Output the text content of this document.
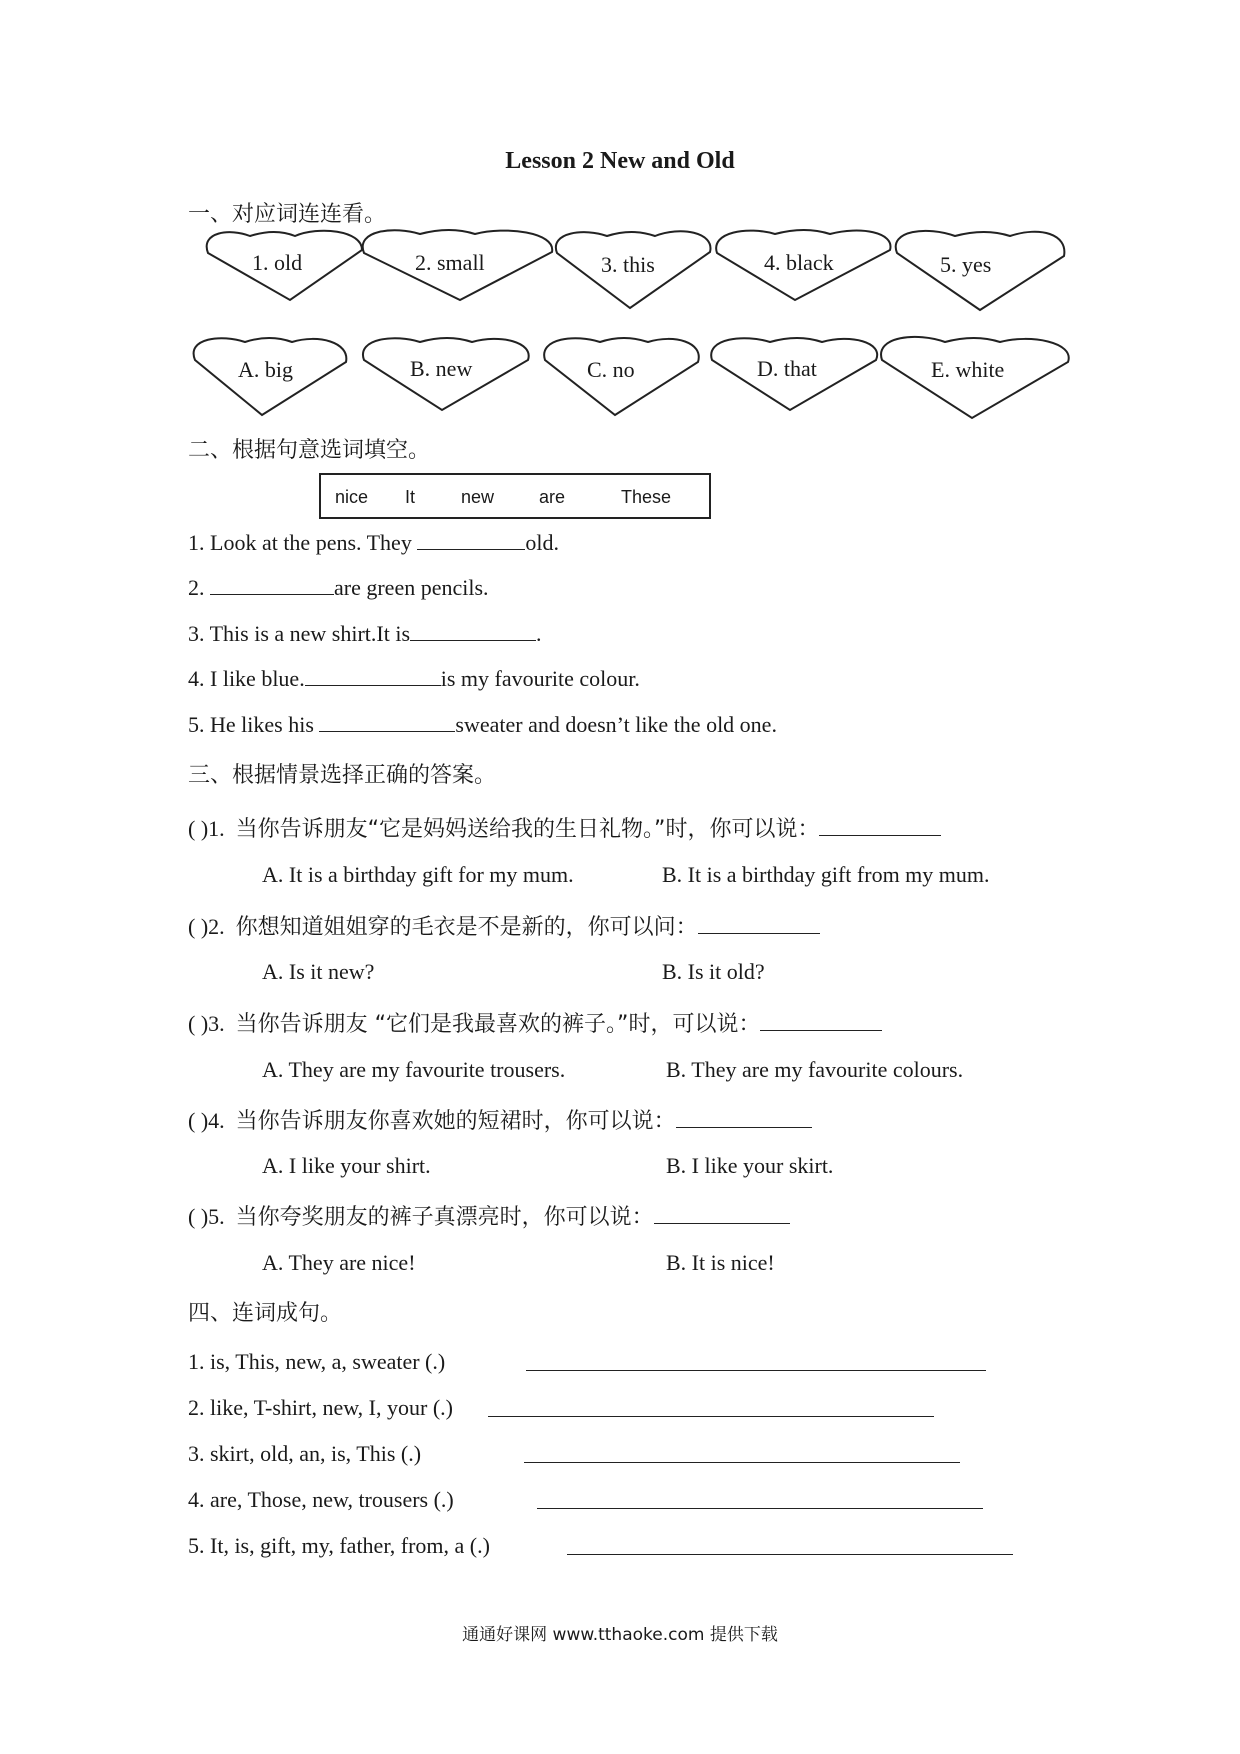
Lesson 2 New and Old
一、对应词连连看。
1. old	2. small	3. this	4. black	5. yes
A. big	B. new	C. no	D. that	E. white
二、根据句意选词填空。
nice It	new are	These
1. Look at the pens. They	old.
2.	are green pencils.
3. This is a new shirt.It is	.
4. I like blue.	is my favourite colour.
5. He likes his	sweater and doesn’t like the old one.
三、根据情景选择正确的答案。
( )1. 当你告诉朋友“它是妈妈送给我的生日礼物。”时，你可以说：
A. It is a birthday gift for my mum.	B. It is a birthday gift from my mum.
( )2. 你想知道姐姐穿的毛衣是不是新的，你可以问：
A. Is it new?	B. Is it old?
( )3. 当你告诉朋友 “它们是我最喜欢的裤子。”时，可以说：
A. They are my favourite trousers.	B. They are my favourite colours.
( )4. 当你告诉朋友你喜欢她的短裙时，你可以说：
A. I like your shirt.	B. I like your skirt.
( )5. 当你夸奖朋友的裤子真漂亮时，你可以说：
A. They are nice!	B. It is nice!
四、连词成句。
1. is, This, new, a, sweater (.)
2. like, T-shirt, new, I, your (.)
3. skirt, old, an, is, This (.)
4. are, Those, new, trousers (.)
5. It, is, gift, my, father, from, a (.)
通通好课网 www.tthaoke.com 提供下载
